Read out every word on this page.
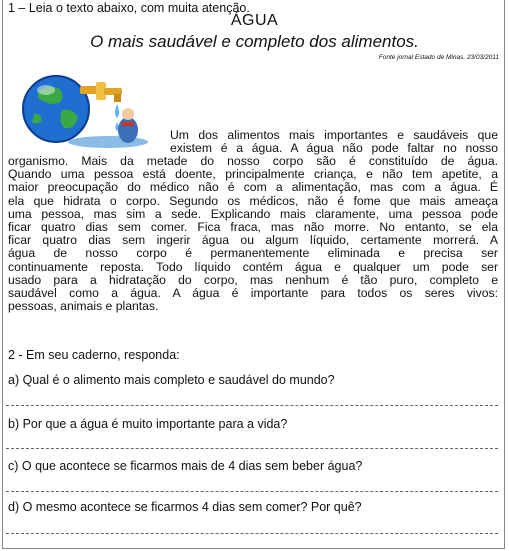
1 – Leia o texto abaixo, com muita atenção.
ÁGUA
O mais saudável e completo dos alimentos.
Fonte jornal Estado de Minas, 23/03/2011
Um dos alimentos mais importantes e saudáveis que
existem é a água. A água não pode faltar no nosso
organismo. Mais da metade do nosso corpo são é constituído de água.
Quando uma pessoa está doente, principalmente criança, e não tem apetite, a
maior preocupação do médico não é com a alimentação, mas com a água. É
ela que hidrata o corpo. Segundo os médicos, não é fome que mais ameaça
uma pessoa, mas sim a sede. Explicando mais claramente, uma pessoa pode
ficar quatro dias sem comer. Fica fraca, mas não morre. No entanto, se ela
ficar quatro dias sem ingerir água ou algum líquido, certamente morrerá. A
água de nosso corpo é permanentemente eliminada e precisa ser
continuamente reposta. Todo líquido contém água e qualquer um pode ser
usado para a hidratação do corpo, mas nenhum é tão puro, completo e
saudável como a água. A água é importante para todos os seres vivos:
pessoas, animais e plantas.
2 - Em seu caderno, responda:
a) Qual é o alimento mais completo e saudável do mundo?
b) Por que a água é muito importante para a vida?
c) O que acontece se ficarmos mais de 4 dias sem beber água?
d) O mesmo acontece se ficarmos 4 dias sem comer? Por quê?
